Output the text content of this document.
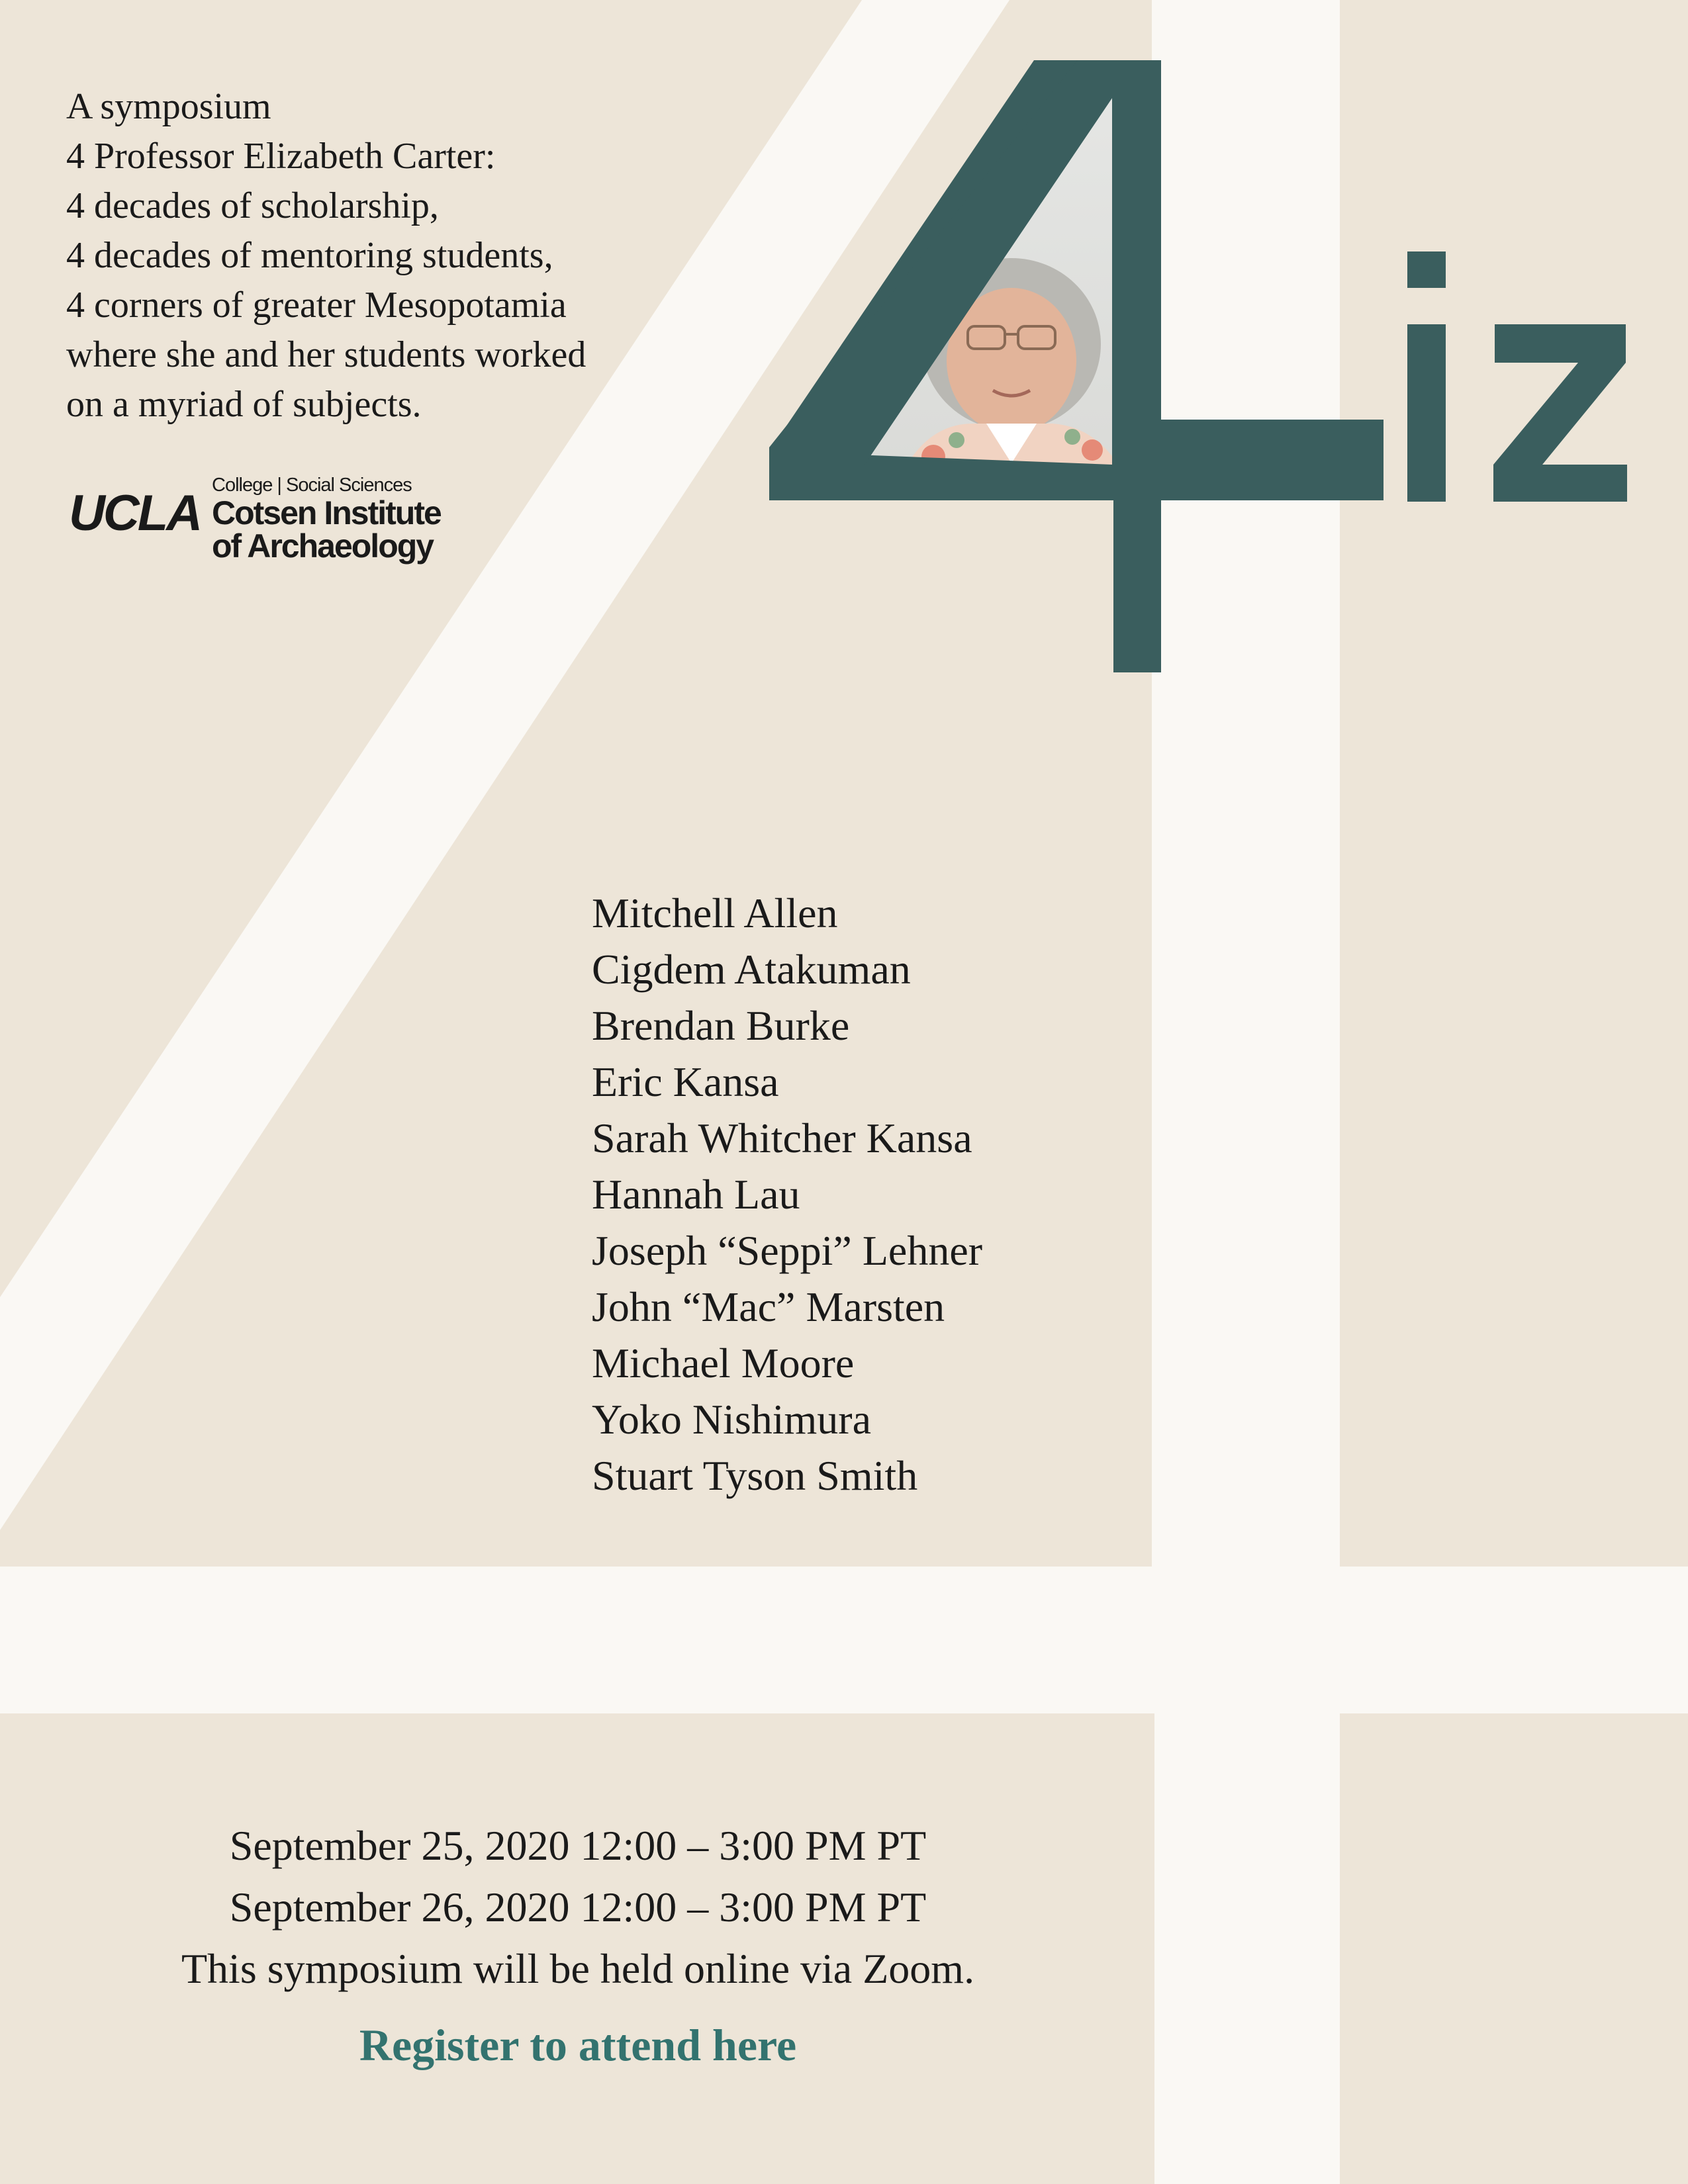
A symposium
4 Professor Elizabeth Carter:
4 decades of scholarship,
4 decades of mentoring students,
4 corners of greater Mesopotamia
where she and her students worked
on a myriad of subjects.
UCLA College | Social Sciences
Cotsen Institute
of Archaeology
Mitchell Allen
Cigdem Atakuman
Brendan Burke
Eric Kansa
Sarah Whitcher Kansa
Hannah Lau
Joseph “Seppi” Lehner
John “Mac” Marsten
Michael Moore
Yoko Nishimura
Stuart Tyson Smith
September 25, 2020 12:00 – 3:00 PM PT
September 26, 2020 12:00 – 3:00 PM PT
This symposium will be held online via Zoom.
Register to attend here
